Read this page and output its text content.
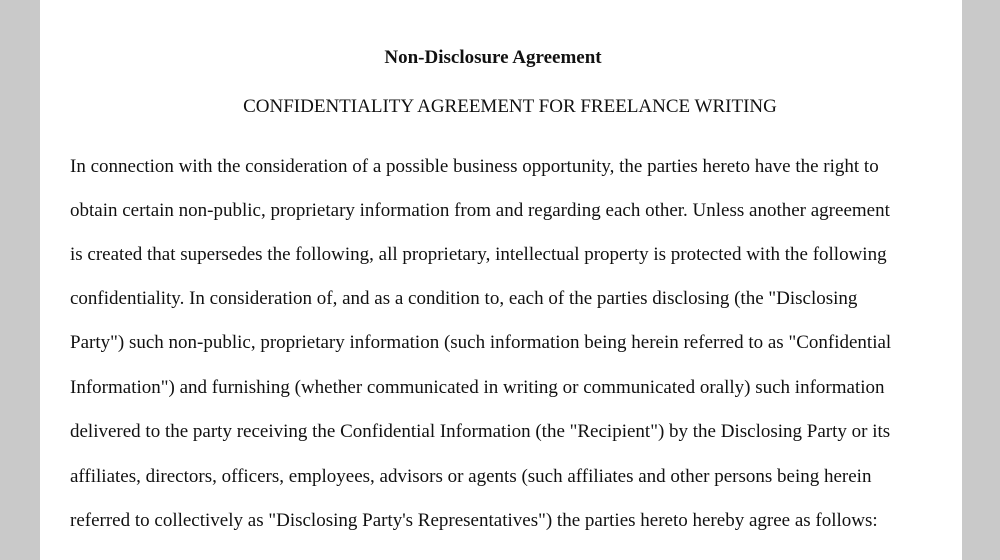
Non-Disclosure Agreement
CONFIDENTIALITY AGREEMENT FOR FREELANCE WRITING
In connection with the consideration of a possible business opportunity, the parties hereto have the right to
obtain certain non-public, proprietary information from and regarding each other. Unless another agreement
is created that supersedes the following, all proprietary, intellectual property is protected with the following
confidentiality. In consideration of, and as a condition to, each of the parties disclosing (the "Disclosing
Party") such non-public, proprietary information (such information being herein referred to as "Confidential
Information") and furnishing (whether communicated in writing or communicated orally) such information
delivered to the party receiving the Confidential Information (the "Recipient") by the Disclosing Party or its
affiliates, directors, officers, employees, advisors or agents (such affiliates and other persons being herein
referred to collectively as "Disclosing Party's Representatives") the parties hereto hereby agree as follows:
